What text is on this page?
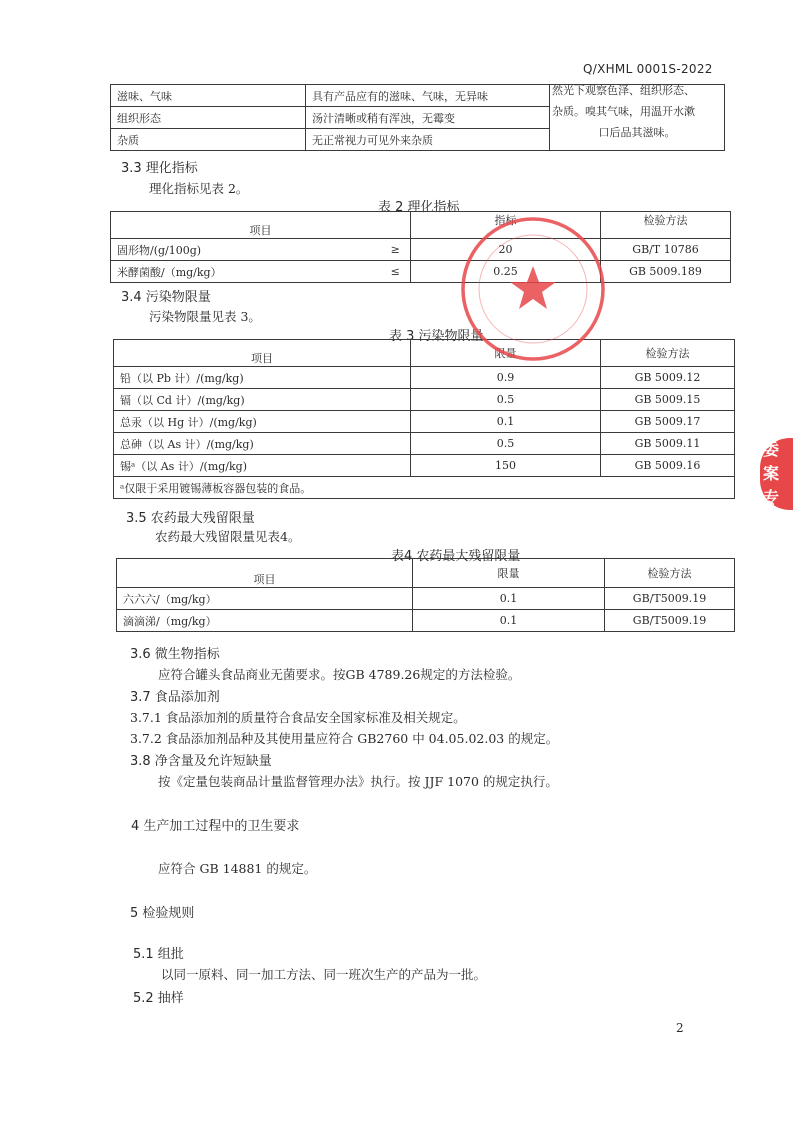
Q/XHML 0001S-2022
滋味、气味	具有产品应有的滋味、气味，无异味	
组织形态	汤汁清晰或稍有浑浊，无霉变	
杂质	无正常视力可见外来杂质	
然光下观察色泽、组织形态、
杂质。嗅其气味，用温开水漱
口后品其滋味。
3.3 理化指标
理化指标见表 2。
表 2 理化指标
项目		指标	检验方法
固形物/(g/100g)	≥	20	GB/T 10786
米酵菌酸/（mg/kg）	≤	0.25	GB 5009.189
3.4 污染物限量
污染物限量见表 3。
表 3 污染物限量
项目	限量	检验方法
铅（以 Pb 计）/(mg/kg)	0.9	GB 5009.12
镉（以 Cd 计）/(mg/kg)	0.5	GB 5009.15
总汞（以 Hg 计）/(mg/kg)	0.1	GB 5009.17
总砷（以 As 计）/(mg/kg)	0.5	GB 5009.11
锡ᵃ（以 As 计）/(mg/kg)	150	GB 5009.16
ᵃ仅限于采用镀锡薄板容器包装的食品。		
3.5 农药最大残留限量
农药最大残留限量见表4。
表4 农药最大残留限量
项目	限量	检验方法
六六六/（mg/kg）	0.1	GB/T5009.19
滴滴涕/（mg/kg）	0.1	GB/T5009.19
3.6 微生物指标
应符合罐头食品商业无菌要求。按GB 4789.26规定的方法检验。
3.7 食品添加剂
3.7.1 食品添加剂的质量符合食品安全国家标准及相关规定。
3.7.2 食品添加剂品种及其使用量应符合 GB2760 中 04.05.02.03 的规定。
3.8 净含量及允许短缺量
按《定量包装商品计量监督管理办法》执行。按 JJF 1070 的规定执行。
4 生产加工过程中的卫生要求
应符合 GB 14881 的规定。
5 检验规则
5.1 组批
以同一原料、同一加工方法、同一班次生产的产品为一批。
5.2 抽样
2
委
案专
